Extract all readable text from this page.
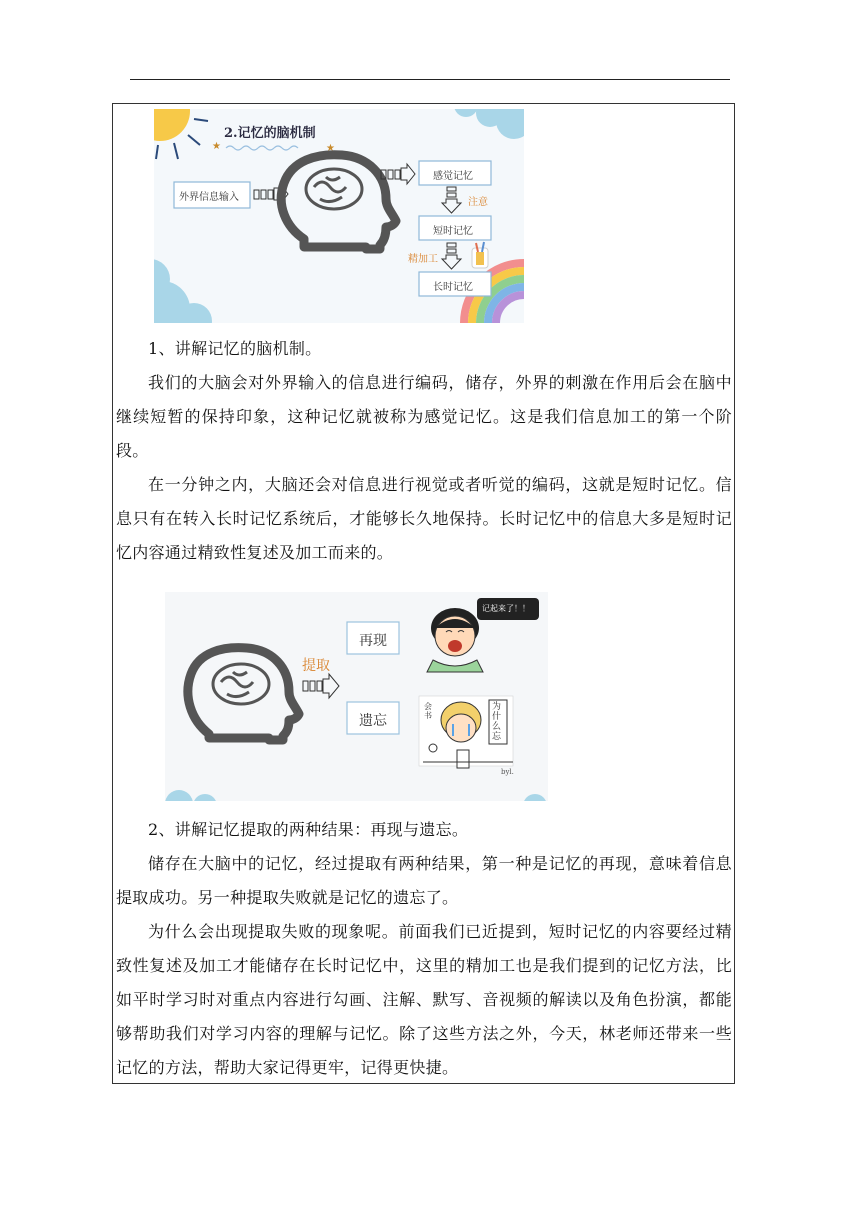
★	★
2.记忆的脑机制
外界信息输入
感觉记忆
注意
短时记忆
精加工
长时记忆
提取
再现
遗忘
记起来了！！
为什么忘
会书
byl.

1、讲解记忆的脑机制。

我们的大脑会对外界输入的信息进行编码，储存，外界的刺激在作用后会在脑中继续短暂的保持印象，这种记忆就被称为感觉记忆。这是我们信息加工的第一个阶段。

在一分钟之内，大脑还会对信息进行视觉或者听觉的编码，这就是短时记忆。信息只有在转入长时记忆系统后，才能够长久地保持。长时记忆中的信息大多是短时记忆内容通过精致性复述及加工而来的。

2、讲解记忆提取的两种结果：再现与遗忘。

储存在大脑中的记忆，经过提取有两种结果，第一种是记忆的再现，意味着信息提取成功。另一种提取失败就是记忆的遗忘了。

为什么会出现提取失败的现象呢。前面我们已近提到，短时记忆的内容要经过精致性复述及加工才能储存在长时记忆中，这里的精加工也是我们提到的记忆方法，比如平时学习时对重点内容进行勾画、注解、默写、音视频的解读以及角色扮演，都能够帮助我们对学习内容的理解与记忆。除了这些方法之外，今天，林老师还带来一些记忆的方法，帮助大家记得更牢，记得更快捷。
